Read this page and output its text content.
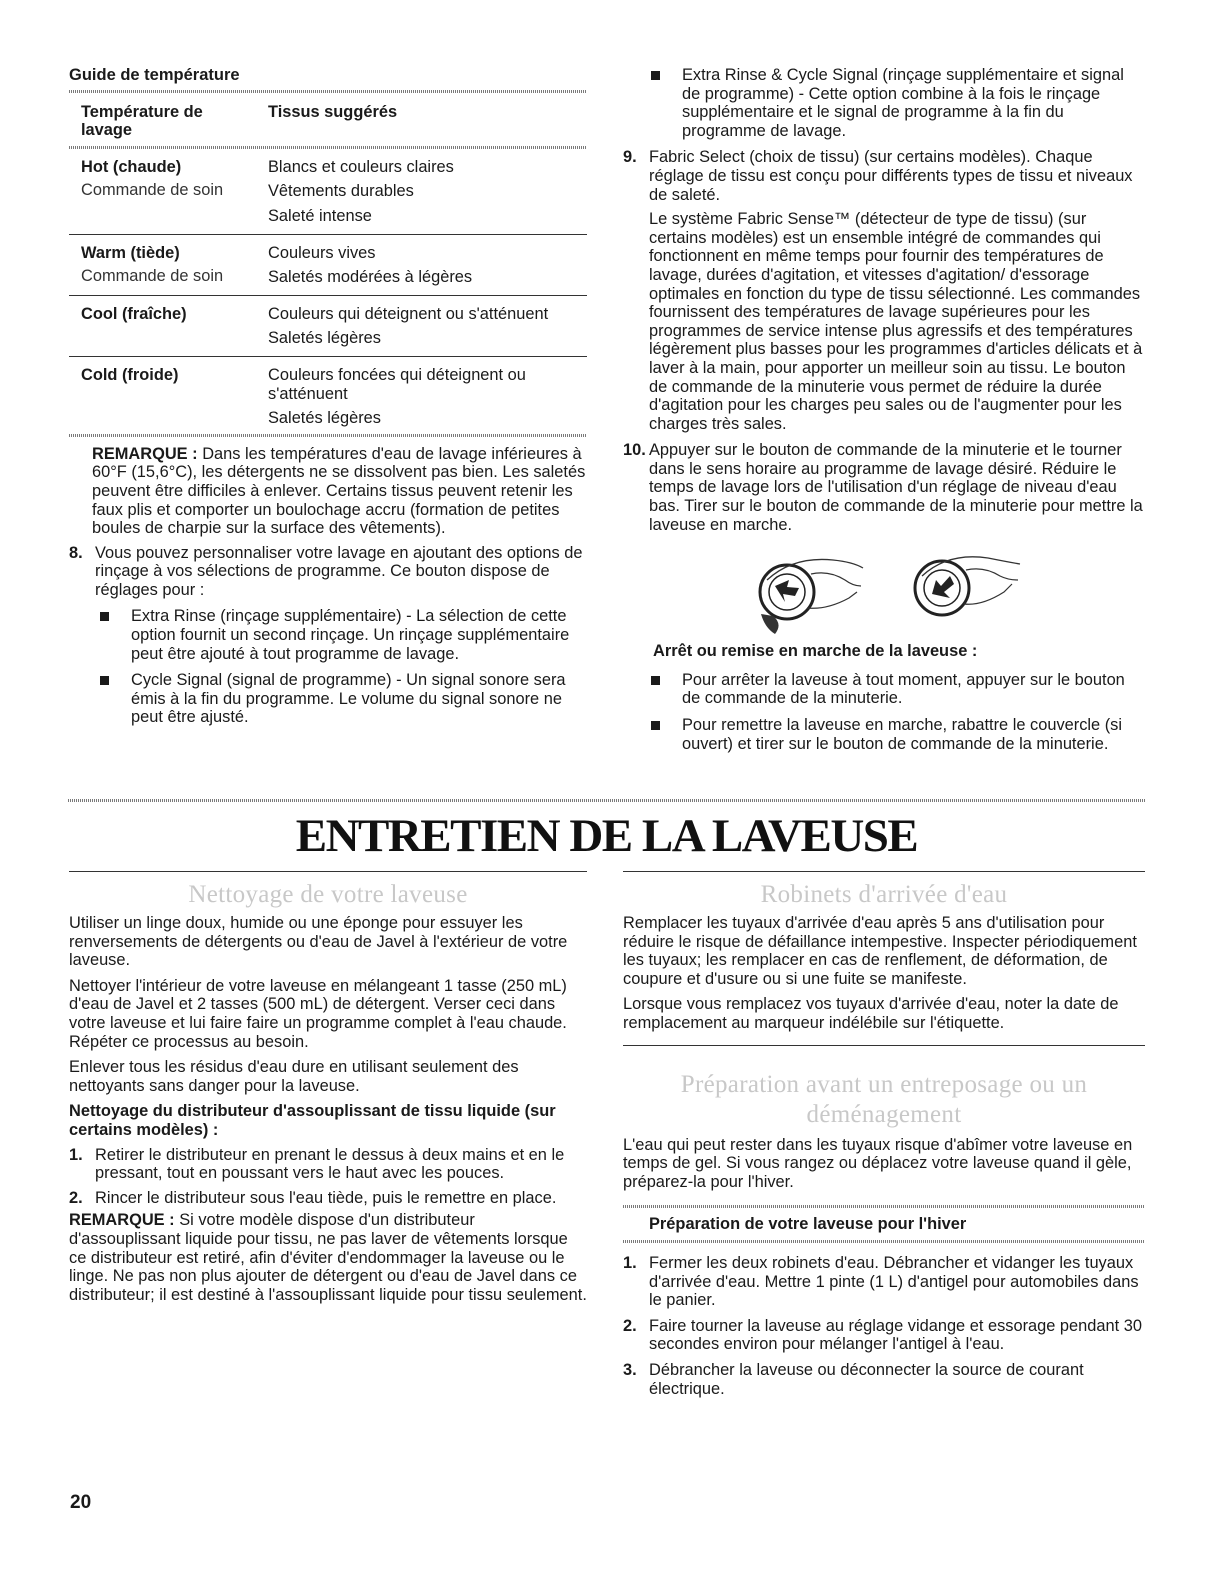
Guide de température
Température de lavage
Tissus suggérés
Hot (chaude)
Commande de soin
Blancs et couleurs claires
Vêtements durables
Saleté intense
Warm (tiède)
Commande de soin
Couleurs vives
Saletés modérées à légères
Cool (fraîche)	Couleurs qui déteignent ou s'atténuent
Saletés légères
Cold (froide)	Couleurs foncées qui déteignent ou s'atténuent
Saletés légères

REMARQUE : Dans les températures d'eau de lavage inférieures à 60°F (15,6°C), les détergents ne se dissolvent pas bien. Les saletés peuvent être difficiles à enlever. Certains tissus peuvent retenir les faux plis et comporter un boulochage accru (formation de petites boules de charpie sur la surface des vêtements).

8. Vous pouvez personnaliser votre lavage en ajoutant des options de rinçage à vos sélections de programme. Ce bouton dispose de réglages pour :

Extra Rinse (rinçage supplémentaire) - La sélection de cette option fournit un second rinçage. Un rinçage supplémentaire peut être ajouté à tout programme de lavage.
Cycle Signal (signal de programme) - Un signal sonore sera émis à la fin du programme. Le volume du signal sonore ne peut être ajusté.
Extra Rinse & Cycle Signal (rinçage supplémentaire et signal de programme) - Cette option combine à la fois le rinçage supplémentaire et le signal de programme à la fin du programme de lavage.
9. Fabric Select (choix de tissu) (sur certains modèles). Chaque réglage de tissu est conçu pour différents types de tissu et niveaux de saleté.

Le système Fabric Sense™ (détecteur de type de tissu) (sur certains modèles) est un ensemble intégré de commandes qui fonctionnent en même temps pour fournir des températures de lavage, durées d'agitation, et vitesses d'agitation/ d'essorage optimales en fonction du type de tissu sélectionné. Les commandes fournissent des températures de lavage supérieures pour les programmes de service intense plus agressifs et des températures légèrement plus basses pour les programmes d'articles délicats et à laver à la main, pour apporter un meilleur soin au tissu. Le bouton de commande de la minuterie vous permet de réduire la durée d'agitation pour les charges peu sales ou de l'augmenter pour les charges très sales.

10. Appuyer sur le bouton de commande de la minuterie et le tourner dans le sens horaire au programme de lavage désiré. Réduire le temps de lavage lors de l'utilisation d'un réglage de niveau d'eau bas. Tirer sur le bouton de commande de la minuterie pour mettre la laveuse en marche.

Arrêt ou remise en marche de la laveuse :

Pour arrêter la laveuse à tout moment, appuyer sur le bouton de commande de la minuterie.
Pour remettre la laveuse en marche, rabattre le couvercle (si ouvert) et tirer sur le bouton de commande de la minuterie.
ENTRETIEN DE LA LAVEUSE
Nettoyage de votre laveuse

Utiliser un linge doux, humide ou une éponge pour essuyer les renversements de détergents ou d'eau de Javel à l'extérieur de votre laveuse.

Nettoyer l'intérieur de votre laveuse en mélangeant 1 tasse (250 mL) d'eau de Javel et 2 tasses (500 mL) de détergent. Verser ceci dans votre laveuse et lui faire faire un programme complet à l'eau chaude. Répéter ce processus au besoin.

Enlever tous les résidus d'eau dure en utilisant seulement des nettoyants sans danger pour la laveuse.

Nettoyage du distributeur d'assouplissant de tissu liquide (sur certains modèles) :

1. Retirer le distributeur en prenant le dessus à deux mains et en le pressant, tout en poussant vers le haut avec les pouces.
2. Rincer le distributeur sous l'eau tiède, puis le remettre en place.

REMARQUE : Si votre modèle dispose d'un distributeur d'assouplissant liquide pour tissu, ne pas laver de vêtements lorsque ce distributeur est retiré, afin d'éviter d'endommager la laveuse ou le linge. Ne pas non plus ajouter de détergent ou d'eau de Javel dans ce distributeur; il est destiné à l'assouplissant liquide pour tissu seulement.

Robinets d'arrivée d'eau

Remplacer les tuyaux d'arrivée d'eau après 5 ans d'utilisation pour réduire le risque de défaillance intempestive. Inspecter périodiquement les tuyaux; les remplacer en cas de renflement, de déformation, de coupure et d'usure ou si une fuite se manifeste.

Lorsque vous remplacez vos tuyaux d'arrivée d'eau, noter la date de remplacement au marqueur indélébile sur l'étiquette.

Préparation avant un entreposage ou un déménagement

L'eau qui peut rester dans les tuyaux risque d'abîmer votre laveuse en temps de gel. Si vous rangez ou déplacez votre laveuse quand il gèle, préparez-la pour l'hiver.

Préparation de votre laveuse pour l'hiver

1. Fermer les deux robinets d'eau. Débrancher et vidanger les tuyaux d'arrivée d'eau. Mettre 1 pinte (1 L) d'antigel pour automobiles dans le panier.
2. Faire tourner la laveuse au réglage vidange et essorage pendant 30 secondes environ pour mélanger l'antigel à l'eau.
3. Débrancher la laveuse ou déconnecter la source de courant électrique.
20
